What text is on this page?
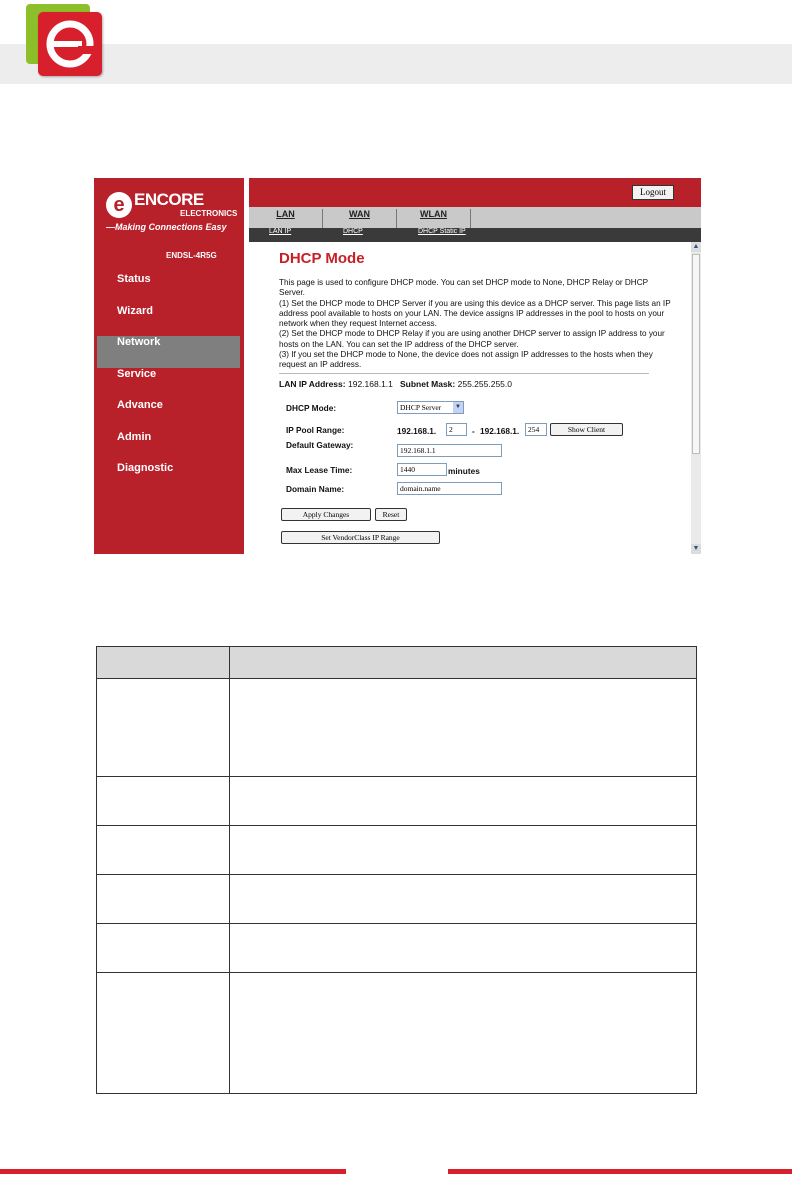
e ENCORE
ELECTRONICS
—Making Connections Easy
ENDSL-4R5G
Status
Wizard
Network
Service
Advance
Admin
Diagnostic
Logout
LAN	WAN	WLAN
LAN IP	DHCP	DHCP Static IP
DHCP Mode

This page is used to configure DHCP mode. You can set DHCP mode to None, DHCP Relay or DHCP Server.

(1) Set the DHCP mode to DHCP Server if you are using this device as a DHCP server. This page lists an IP address pool available to hosts on your LAN. The device assigns IP addresses in the pool to hosts on your network when they request Internet access.

(2) Set the DHCP mode to DHCP Relay if you are using another DHCP server to assign IP address to your hosts on the LAN. You can set the IP address of the DHCP server.

(3) If you set the DHCP mode to None, the device does not assign IP addresses to the hosts when they request an IP address.

LAN IP Address: 192.168.1.1 Subnet Mask: 255.255.255.0
DHCP Mode:	DHCP Server	▼
IP Pool Range:	192.168.1.	2	- 192.168.1.	254	Show Client
Default Gateway:
192.168.1.1
Max Lease Time:	1440	minutes
Domain Name:	domain.name
Apply Changes	Reset
Set VendorClass IP Range
▲
▼
